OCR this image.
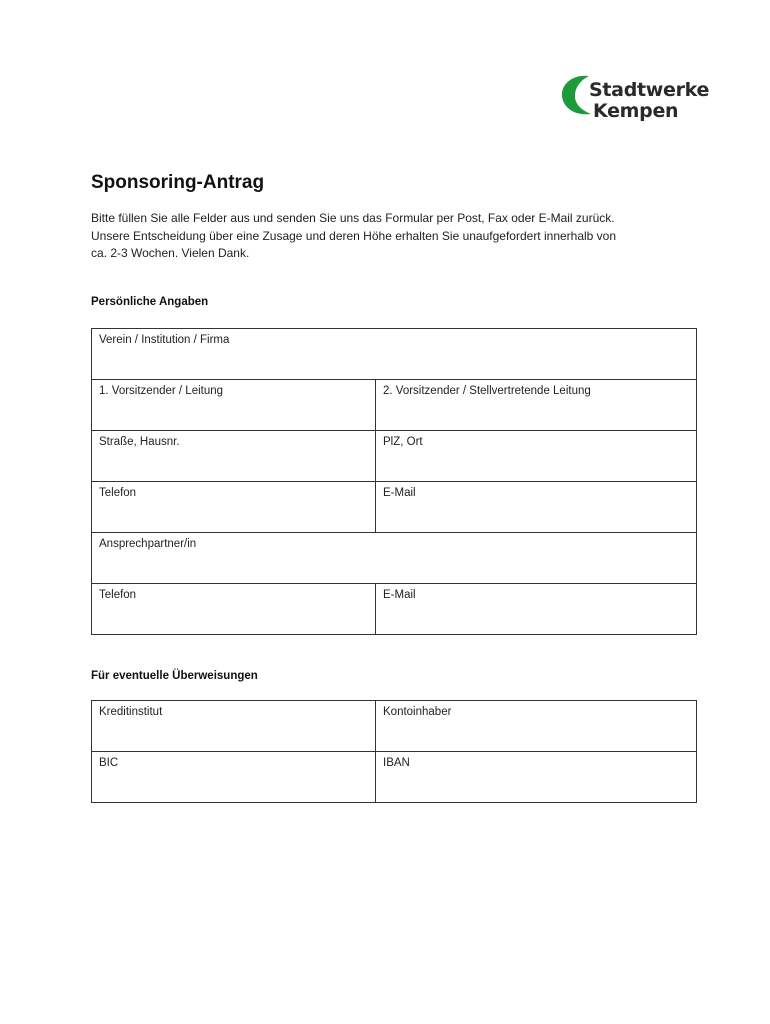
Stadtwerke
Kempen
Sponsoring-Antrag
Bitte füllen Sie alle Felder aus und senden Sie uns das Formular per Post, Fax oder E-Mail zurück.
Unsere Entscheidung über eine Zusage und deren Höhe erhalten Sie unaufgefordert innerhalb von
ca. 2-3 Wochen. Vielen Dank.
Persönliche Angaben
Verein / Institution / Firma	

1. Vorsitzender / Leitung	2. Vorsitzender / Stellvertretende Leitung

Straße, Hausnr.	PlZ, Ort

Telefon	E-Mail

Ansprechpartner/in	

Telefon	E-Mail
Für eventuelle Überweisungen
Kreditinstitut	Kontoinhaber

BIC	IBAN
